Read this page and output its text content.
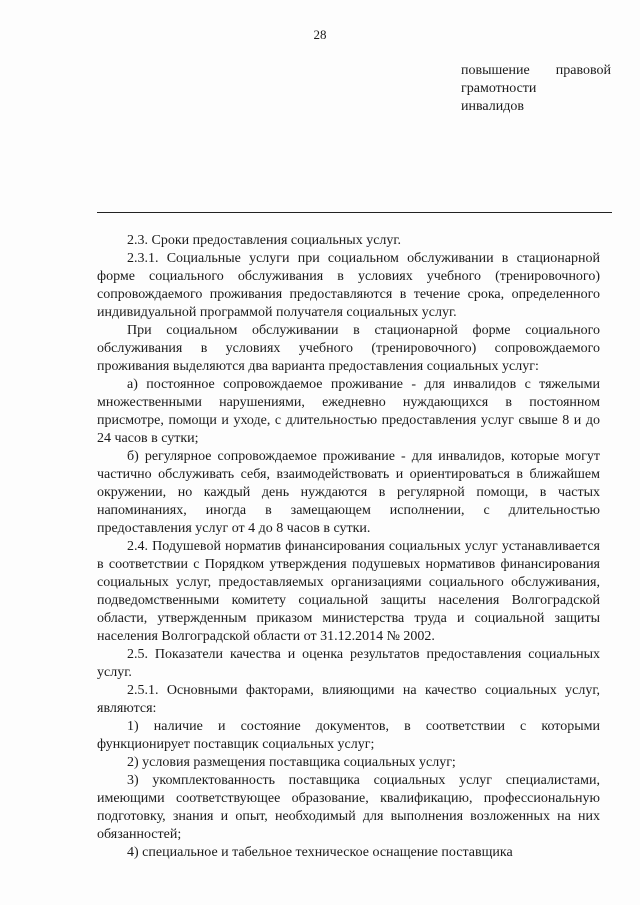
28
повышение правовой
грамотности
инвалидов

2.3. Сроки предоставления социальных услуг.

2.3.1. Социальные услуги при социальном обслуживании в стационарной форме социального обслуживания в условиях учебного (тренировочного) сопровождаемого проживания предоставляются в течение срока, определенного индивидуальной программой получателя социальных услуг.

При социальном обслуживании в стационарной форме социального обслуживания в условиях учебного (тренировочного) сопровождаемого проживания выделяются два варианта предоставления социальных услуг:

а) постоянное сопровождаемое проживание - для инвалидов с тяжелыми множественными нарушениями, ежедневно нуждающихся в постоянном присмотре, помощи и уходе, с длительностью предоставления услуг свыше 8 и до 24 часов в сутки;

б) регулярное сопровождаемое проживание - для инвалидов, которые могут частично обслуживать себя, взаимодействовать и ориентироваться в ближайшем окружении, но каждый день нуждаются в регулярной помощи, в частых напоминаниях, иногда в замещающем исполнении, с длительностью предоставления услуг от 4 до 8 часов в сутки.

2.4. Подушевой норматив финансирования социальных услуг устанавливается в соответствии с Порядком утверждения подушевых нормативов финансирования социальных услуг, предоставляемых организациями социального обслуживания, подведомственными комитету социальной защиты населения Волгоградской области, утвержденным приказом министерства труда и социальной защиты населения Волгоградской области от 31.12.2014 № 2002.

2.5. Показатели качества и оценка результатов предоставления социальных услуг.

2.5.1. Основными факторами, влияющими на качество социальных услуг, являются:

1) наличие и состояние документов, в соответствии с которыми функционирует поставщик социальных услуг;

2) условия размещения поставщика социальных услуг;

3) укомплектованность поставщика социальных услуг специалистами, имеющими соответствующее образование, квалификацию, профессиональную подготовку, знания и опыт, необходимый для выполнения возложенных на них обязанностей;

4) специальное и табельное техническое оснащение поставщика
